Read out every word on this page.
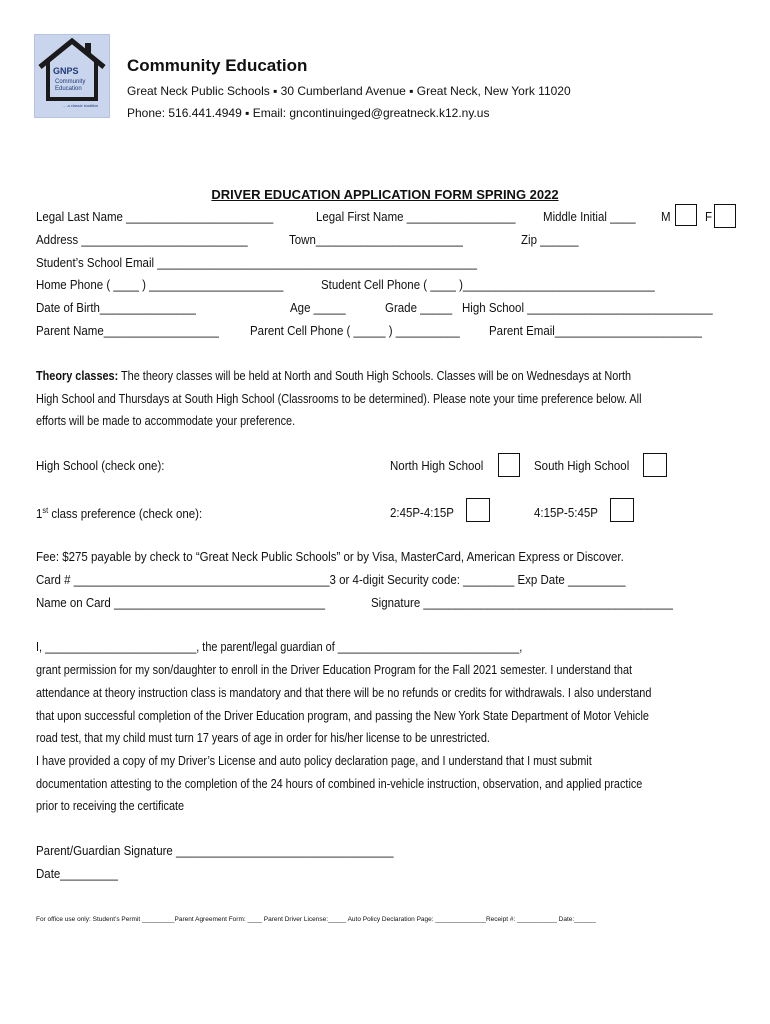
GNPS
Community
Education
... a classic tradition
Community Education
Great Neck Public Schools ▪ 30 Cumberland Avenue ▪ Great Neck, New York 11020
Phone: 516.441.4949 ▪ Email: gncontinuinged@greatneck.k12.ny.us
DRIVER EDUCATION APPLICATION FORM SPRING 2022
Legal Last Name _______________________	Legal First Name _________________ Middle Initial ____ M	F
Address __________________________	Town_______________________	Zip ______
Student’s School Email __________________________________________________
Home Phone ( ____ ) _____________________	Student Cell Phone ( ____ )______________________________
Date of Birth_______________	Age _____	Grade _____ High School _____________________________
Parent Name__________________ Parent Cell Phone ( _____ ) __________ Parent Email_______________________
Theory classes: The theory classes will be held at North and South High Schools. Classes will be on Wednesdays at North
High School and Thursdays at South High School (Classrooms to be determined). Please note your time preference below. All
efforts will be made to accommodate your preference.
High School (check one):	North High School	South High School
1st class preference (check one):	2:45P-4:15P	4:15P-5:45P
Fee: $275 payable by check to “Great Neck Public Schools” or by Visa, MasterCard, American Express or Discover.
Card # ________________________________________3 or 4-digit Security code: ________ Exp Date _________
Name on Card _________________________________	Signature _______________________________________
I, _________________________, the parent/legal guardian of ______________________________,
grant permission for my son/daughter to enroll in the Driver Education Program for the Fall 2021 semester. I understand that
attendance at theory instruction class is mandatory and that there will be no refunds or credits for withdrawals. I also understand
that upon successful completion of the Driver Education program, and passing the New York State Department of Motor Vehicle
road test, that my child must turn 17 years of age in order for his/her license to be unrestricted.
I have provided a copy of my Driver’s License and auto policy declaration page, and I understand that I must submit
documentation attesting to the completion of the 24 hours of combined in-vehicle instruction, observation, and applied practice
prior to receiving the certificate
Parent/Guardian Signature __________________________________
Date_________
For office use only: Student’s Permit _________Parent Agreement Form: ____ Parent Driver License:_____ Auto Policy Declaration Page: ______________Receipt #: ___________ Date:______
